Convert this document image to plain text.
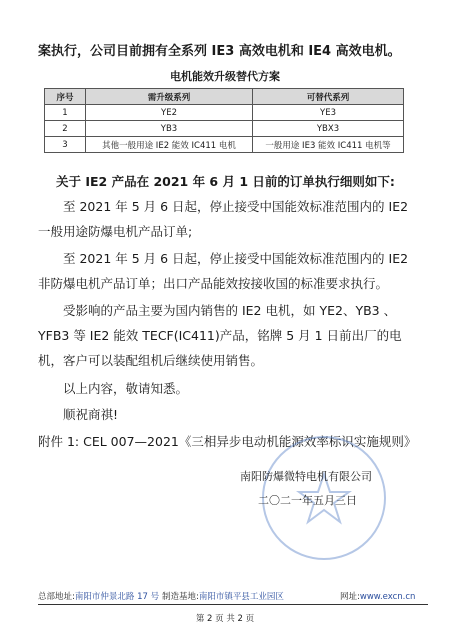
案执行，公司目前拥有全系列 IE3 高效电机和 IE4 高效电机。
电机能效升级替代方案
序号	需升级系列	可替代系列
1	YE2	YE3
2	YB3	YBX3
3	其他一般用途 IE2 能效 IC411 电机	一般用途 IE3 能效 IC411 电机等
关于 IE2 产品在 2021 年 6 月 1 日前的订单执行细则如下:
至 2021 年 5 月 6 日起，停止接受中国能效标准范围内的 IE2 一般用途防爆电机产品订单;
至 2021 年 5 月 6 日起，停止接受中国能效标准范围内的 IE2 非防爆电机产品订单；出口产品能效按接收国的标准要求执行。
受影响的产品主要为国内销售的 IE2 电机，如 YE2、YB3 、YFB3 等 IE2 能效 TECF(IC411)产品，铭牌 5 月 1 日前出厂的电机，客户可以装配组机后继续使用销售。
以上内容，敬请知悉。
顺祝商祺!
附件 1: CEL 007—2021《三相异步电动机能源效率标识实施规则》
南阳防爆微特电机有限公司
二〇二一年五月三日
总部地址:南阳市仲景北路 17 号 制造基地:南阳市镇平县工业园区	网址:www.excn.cn
第 2 页 共 2 页
